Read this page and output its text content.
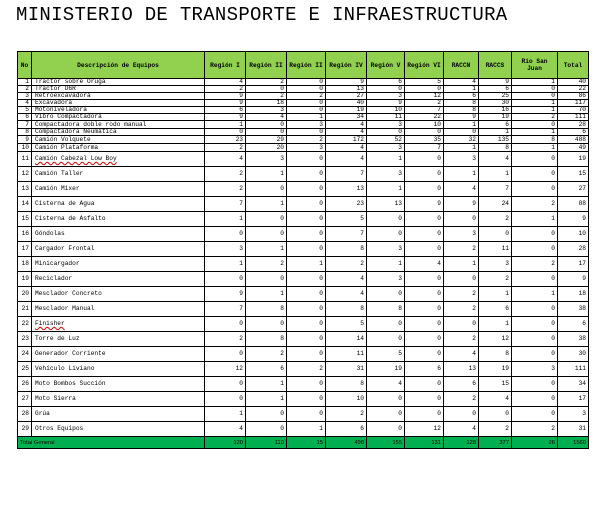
MINISTERIO DE TRANSPORTE E INFRAESTRUCTURA
No	Descripción de Equipos	Región I	Región II	Región II	Región IV	Región V	Región VI	RACCN	RACCS	Río San Juan	Total
1	Tractor sobre Oruga	4	2	0	9	6	5	4	9	1	40
2	Tractor D6R	2	0	0	13	0	0	1	6	0	22
3	Retroexcavadora	9	2	2	27	3	12	6	25	0	86
4	Excavadora	9	18	0	40	9	2	8	30	1	117
5	Motoniveladora	6	3	0	19	10	7	8	16	1	70
6	Vibro Compactadora	9	4	1	34	11	22	9	19	2	111
7	Compactadora doble rodo manual	1	0	3	4	3	10	1	6	0	28
8	Compactadora Neumática	0	0	0	4	0	0	0	1	1	6
9	Camión Volquete	23	29	2	172	52	35	32	135	8	488
10	Camión Plataforma	2	20	3	4	3	7	1	8	1	49
11	Camión Cabezal Low Boy	4	3	0	4	1	0	3	4	0	19
12	Camión Taller	2	1	0	7	3	0	1	1	0	15
13	Camión Mixer	2	0	0	13	1	0	4	7	0	27
14	Cisterna de Agua	7	1	0	23	13	9	9	24	2	88
15	Cisterna de Asfalto	1	0	0	5	0	0	0	2	1	9
16	Góndolas	0	0	0	7	0	0	3	0	0	10
17	Cargador Frontal	3	1	0	8	3	0	2	11	0	28
18	Minicargador	1	2	1	2	1	4	1	3	2	17
19	Reciclador	0	0	0	4	3	0	0	2	0	9
20	Mesclador Concreto	9	1	0	4	0	0	2	1	1	18
21	Mesclador Manual	7	8	0	8	8	0	2	6	0	38
22	Finisher	0	0	0	5	0	0	0	1	0	6
23	Torre de Luz	2	8	0	14	0	0	2	12	0	38
24	Generador Corriente	0	2	0	11	5	0	4	8	0	30
25	Vehículo Liviano	12	6	2	31	19	6	13	19	3	111
26	Moto Bombos Succión	0	1	0	8	4	0	6	15	0	34
27	Moto Sierra	0	1	0	10	0	0	2	4	0	17
28	Grúa	1	0	0	2	0	0	0	0	0	3
29	Otros Equipos	4	0	1	6	0	12	4	2	2	31
Total General		120	110	15	498	155	131	128	377	26	1560
